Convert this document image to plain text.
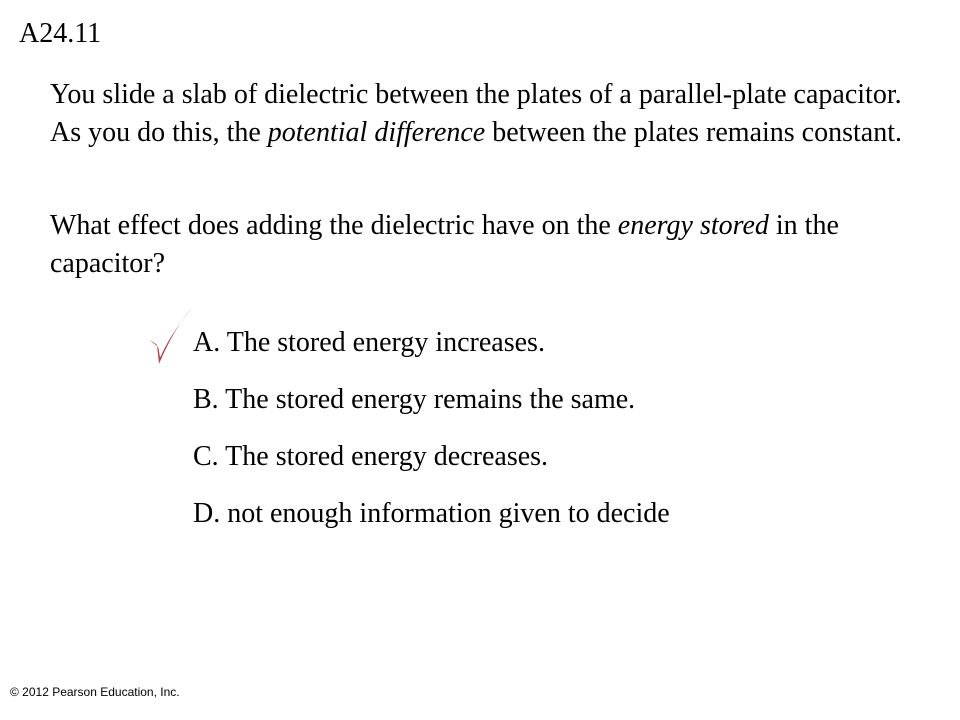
A24.11

You slide a slab of dielectric between the plates of a parallel-plate capacitor. As you do this, the potential difference between the plates remains constant.

What effect does adding the dielectric have on the energy stored in the capacitor?

A. The stored energy increases.
B. The stored energy remains the same.
C. The stored energy decreases.
D. not enough information given to decide
© 2012 Pearson Education, Inc.
